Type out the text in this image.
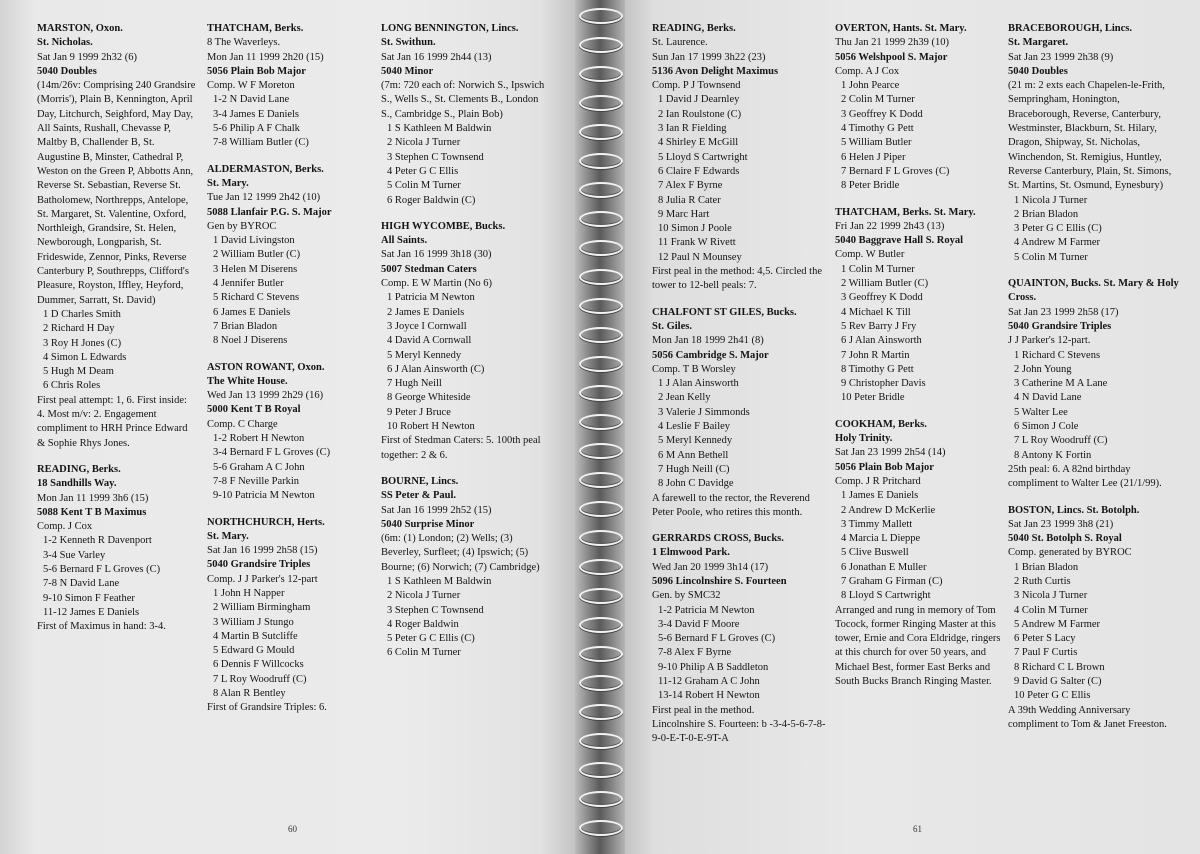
MARSTON, Oxon.
St. Nicholas.
Sat Jan 9 1999 2h32 (6)
5040 Doubles
(14m/26v: Comprising 240 Grandsire (Morris'), Plain B, Kennington, April Day, Litchurch, Seighford, May Day, All Saints, Rushall, Chevasse P, Maltby B, Challender B, St. Augustine B, Minster, Cathedral P, Weston on the Green P, Abbotts Ann, Reverse St. Sebastian, Reverse St. Batholomew, Northrepps, Antelope, St. Margaret, St. Valentine, Oxford, Northleigh, Grandsire, St. Helen, Newborough, Longparish, St. Frideswide, Zennor, Pinks, Reverse Canterbury P, Southrepps, Clifford's Pleasure, Royston, Iffley, Heyford, Dummer, Sarratt, St. David)
1 D Charles Smith
2 Richard H Day
3 Roy H Jones (C)
4 Simon L Edwards
5 Hugh M Deam
6 Chris Roles
First peal attempt: 1, 6. First inside: 4. Most m/v: 2. Engagement compliment to HRH Prince Edward & Sophie Rhys Jones.
READING, Berks.
18 Sandhills Way.
Mon Jan 11 1999 3h6 (15)
5088 Kent T B Maximus
Comp. J Cox
1-2 Kenneth R Davenport
3-4 Sue Varley
5-6 Bernard F L Groves (C)
7-8 N David Lane
9-10 Simon F Feather
11-12 James E Daniels
First of Maximus in hand: 3-4.
THATCHAM, Berks.
8 The Waverleys.
Mon Jan 11 1999 2h20 (15)
5056 Plain Bob Major
Comp. W F Moreton
1-2 N David Lane
3-4 James E Daniels
5-6 Philip A F Chalk
7-8 William Butler (C)
ALDERMASTON, Berks.
St. Mary.
Tue Jan 12 1999 2h42 (10)
5088 Llanfair P.G. S. Major
Gen by BYROC
1 David Livingston
2 William Butler (C)
3 Helen M Diserens
4 Jennifer Butler
5 Richard C Stevens
6 James E Daniels
7 Brian Bladon
8 Noel J Diserens
ASTON ROWANT, Oxon.
The White House.
Wed Jan 13 1999 2h29 (16)
5000 Kent T B Royal
Comp. C Charge
1-2 Robert H Newton
3-4 Bernard F L Groves (C)
5-6 Graham A C John
7-8 F Neville Parkin
9-10 Patricia M Newton
NORTHCHURCH, Herts.
St. Mary.
Sat Jan 16 1999 2h58 (15)
5040 Grandsire Triples
Comp. J J Parker's 12-part
1 John H Napper
2 William Birmingham
3 William J Stungo
4 Martin B Sutcliffe
5 Edward G Mould
6 Dennis F Willcocks
7 L Roy Woodruff (C)
8 Alan R Bentley
First of Grandsire Triples: 6.
LONG BENNINGTON, Lincs.
St. Swithun.
Sat Jan 16 1999 2h44 (13)
5040 Minor
(7m: 720 each of: Norwich S., Ipswich S., Wells S., St. Clements B., London S., Cambridge S., Plain Bob)
1 S Kathleen M Baldwin
2 Nicola J Turner
3 Stephen C Townsend
4 Peter G C Ellis
5 Colin M Turner
6 Roger Baldwin (C)
HIGH WYCOMBE, Bucks.
All Saints.
Sat Jan 16 1999 3h18 (30)
5007 Stedman Caters
Comp. E W Martin (No 6)
1 Patricia M Newton
2 James E Daniels
3 Joyce I Cornwall
4 David A Cornwall
5 Meryl Kennedy
6 J Alan Ainsworth (C)
7 Hugh Neill
8 George Whiteside
9 Peter J Bruce
10 Robert H Newton
First of Stedman Caters: 5. 100th peal together: 2 & 6.
BOURNE, Lincs.
SS Peter & Paul.
Sat Jan 16 1999 2h52 (15)
5040 Surprise Minor
(6m: (1) London; (2) Wells; (3) Beverley, Surfleet; (4) Ipswich; (5) Bourne; (6) Norwich; (7) Cambridge)
1 S Kathleen M Baldwin
2 Nicola J Turner
3 Stephen C Townsend
4 Roger Baldwin
5 Peter G C Ellis (C)
6 Colin M Turner
60
READING, Berks.
St. Laurence.
Sun Jan 17 1999 3h22 (23)
5136 Avon Delight Maximus
Comp. P J Townsend
1 David J Dearnley
2 Ian Roulstone (C)
3 Ian R Fielding
4 Shirley E McGill
5 Lloyd S Cartwright
6 Claire F Edwards
7 Alex F Byrne
8 Julia R Cater
9 Marc Hart
10 Simon J Poole
11 Frank W Rivett
12 Paul N Mounsey
First peal in the method: 4,5. Circled the tower to 12-bell peals: 7.
CHALFONT ST GILES, Bucks.
St. Giles.
Mon Jan 18 1999 2h41 (8)
5056 Cambridge S. Major
Comp. T B Worsley
1 J Alan Ainsworth
2 Jean Kelly
3 Valerie J Simmonds
4 Leslie F Bailey
5 Meryl Kennedy
6 M Ann Bethell
7 Hugh Neill (C)
8 John C Davidge
A farewell to the rector, the Reverend Peter Poole, who retires this month.
GERRARDS CROSS, Bucks.
1 Elmwood Park.
Wed Jan 20 1999 3h14 (17)
5096 Lincolnshire S. Fourteen
Gen. by SMC32
1-2 Patricia M Newton
3-4 David F Moore
5-6 Bernard F L Groves (C)
7-8 Alex F Byrne
9-10 Philip A B Saddleton
11-12 Graham A C John
13-14 Robert H Newton
First peal in the method.
Lincolnshire S. Fourteen: b -3-4-5-6-7-8-9-0-E-T-0-E-9T-A
OVERTON, Hants. St. Mary.
Thu Jan 21 1999 2h39 (10)
5056 Welshpool S. Major
Comp. A J Cox
1 John Pearce
2 Colin M Turner
3 Geoffrey K Dodd
4 Timothy G Pett
5 William Butler
6 Helen J Piper
7 Bernard F L Groves (C)
8 Peter Bridle
THATCHAM, Berks. St. Mary.
Fri Jan 22 1999 2h43 (13)
5040 Baggrave Hall S. Royal
Comp. W Butler
1 Colin M Turner
2 William Butler (C)
3 Geoffrey K Dodd
4 Michael K Till
5 Rev Barry J Fry
6 J Alan Ainsworth
7 John R Martin
8 Timothy G Pett
9 Christopher Davis
10 Peter Bridle
COOKHAM, Berks.
Holy Trinity.
Sat Jan 23 1999 2h54 (14)
5056 Plain Bob Major
Comp. J R Pritchard
1 James E Daniels
2 Andrew D McKerlie
3 Timmy Mallett
4 Marcia L Dieppe
5 Clive Buswell
6 Jonathan E Muller
7 Graham G Firman (C)
8 Lloyd S Cartwright
Arranged and rung in memory of Tom Tocock, former Ringing Master at this tower, Ernie and Cora Eldridge, ringers at this church for over 50 years, and Michael Best, former East Berks and South Bucks Branch Ringing Master.
BRACEBOROUGH, Lincs.
St. Margaret.
Sat Jan 23 1999 2h38 (9)
5040 Doubles
(21 m: 2 exts each Chapelen-le-Frith, Sempringham, Honington, Braceborough, Reverse, Canterbury, Westminster, Blackburn, St. Hilary, Dragon, Shipway, St. Nicholas, Winchendon, St. Remigius, Huntley, Reverse Canterbury, Plain, St. Simons, St. Martins, St. Osmund, Eynesbury)
1 Nicola J Turner
2 Brian Bladon
3 Peter G C Ellis (C)
4 Andrew M Farmer
5 Colin M Turner
QUAINTON, Bucks. St. Mary & Holy Cross.
Sat Jan 23 1999 2h58 (17)
5040 Grandsire Triples
J J Parker's 12-part.
1 Richard C Stevens
2 John Young
3 Catherine M A Lane
4 N David Lane
5 Walter Lee
6 Simon J Cole
7 L Roy Woodruff (C)
8 Antony K Fortin
25th peal: 6. A 82nd birthday compliment to Walter Lee (21/1/99).
BOSTON, Lincs. St. Botolph.
Sat Jan 23 1999 3h8 (21)
5040 St. Botolph S. Royal
Comp. generated by BYROC
1 Brian Bladon
2 Ruth Curtis
3 Nicola J Turner
4 Colin M Turner
5 Andrew M Farmer
6 Peter S Lacy
7 Paul F Curtis
8 Richard C L Brown
9 David G Salter (C)
10 Peter G C Ellis
A 39th Wedding Anniversary compliment to Tom & Janet Freeston.
61
